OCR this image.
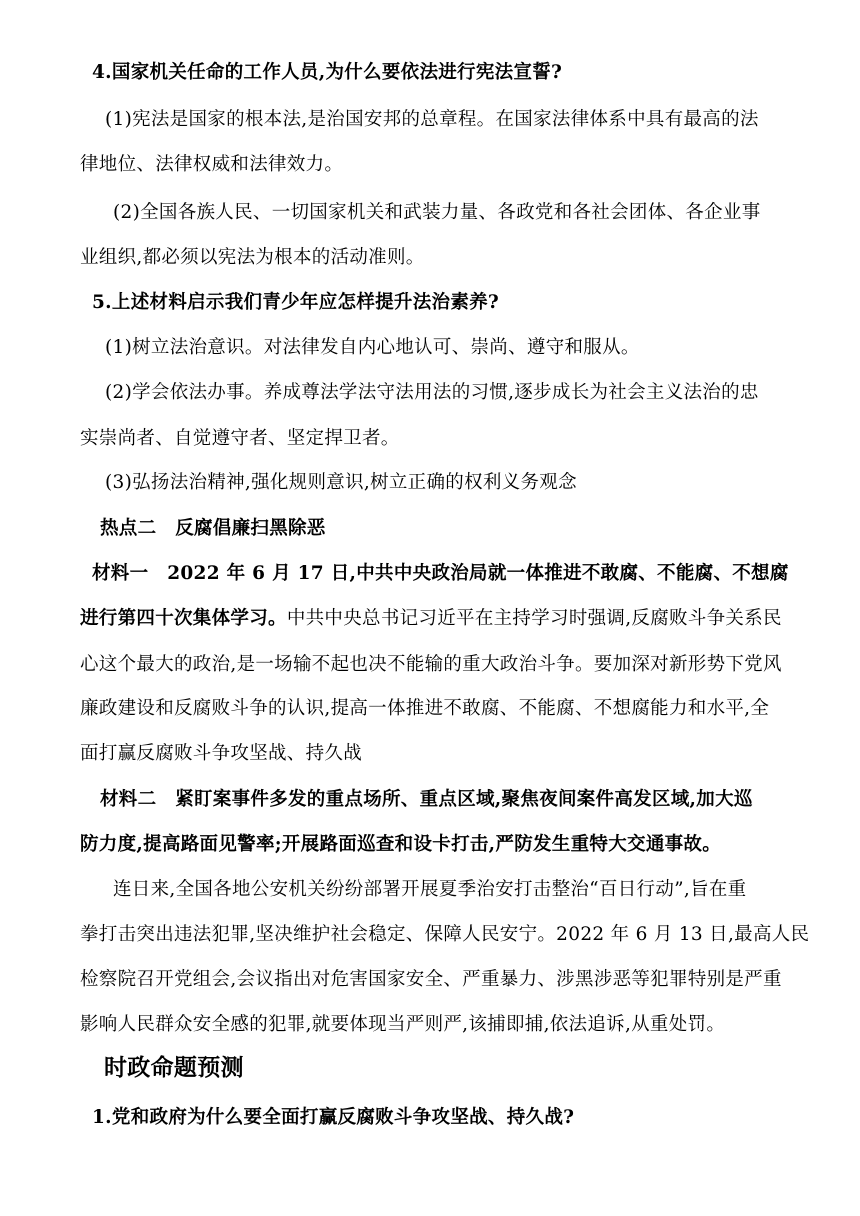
4.国家机关任命的工作人员,为什么要依法进行宪法宣誓?
(1)宪法是国家的根本法,是治国安邦的总章程。在国家法律体系中具有最高的法
律地位、法律权威和法律效力。
(2)全国各族人民、一切国家机关和武装力量、各政党和各社会团体、各企业事
业组织,都必须以宪法为根本的活动准则。
5.上述材料启示我们青少年应怎样提升法治素养?
(1)树立法治意识。对法律发自内心地认可、崇尚、遵守和服从。
(2)学会依法办事。养成尊法学法守法用法的习惯,逐步成长为社会主义法治的忠
实崇尚者、自觉遵守者、坚定捍卫者。
(3)弘扬法治精神,强化规则意识,树立正确的权利义务观念
热点二　反腐倡廉扫黑除恶
材料一　2022 年 6 月 17 日,中共中央政治局就一体推进不敢腐、不能腐、不想腐
进行第四十次集体学习。中共中央总书记习近平在主持学习时强调,反腐败斗争关系民
心这个最大的政治,是一场输不起也决不能输的重大政治斗争。要加深对新形势下党风
廉政建设和反腐败斗争的认识,提高一体推进不敢腐、不能腐、不想腐能力和水平,全
面打赢反腐败斗争攻坚战、持久战
材料二　紧盯案事件多发的重点场所、重点区域,聚焦夜间案件高发区域,加大巡
防力度,提高路面见警率;开展路面巡查和设卡打击,严防发生重特大交通事故。
连日来,全国各地公安机关纷纷部署开展夏季治安打击整治“百日行动”,旨在重
拳打击突出违法犯罪,坚决维护社会稳定、保障人民安宁。2022 年 6 月 13 日,最高人民
检察院召开党组会,会议指出对危害国家安全、严重暴力、涉黑涉恶等犯罪特别是严重
影响人民群众安全感的犯罪,就要体现当严则严,该捕即捕,依法追诉,从重处罚。
时政命题预测
1.党和政府为什么要全面打赢反腐败斗争攻坚战、持久战?
